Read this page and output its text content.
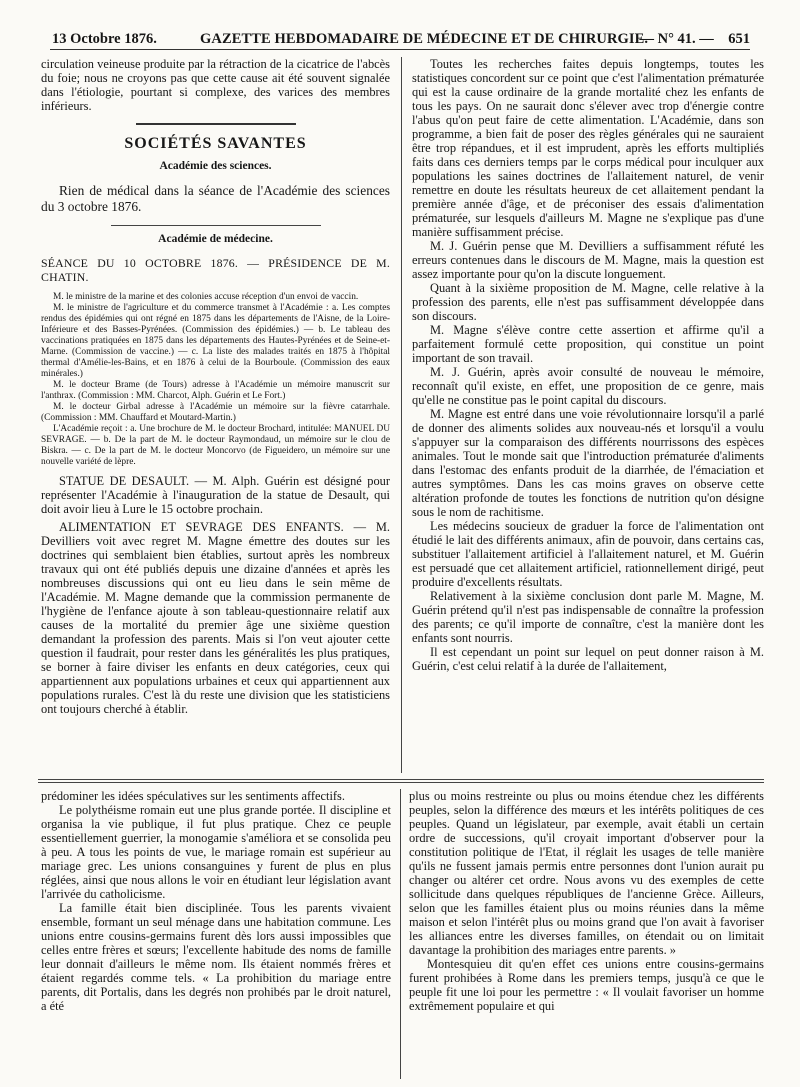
13 Octobre 1876.	GAZETTE HEBDOMADAIRE DE MÉDECINE ET DE CHIRURGIE.
— N° 41. — 651

circulation veineuse produite par la rétraction de la cicatrice de l'abcès du foie; nous ne croyons pas que cette cause ait été souvent signalée dans l'étiologie, pourtant si complexe, des varices des membres inférieurs.

SOCIÉTÉS SAVANTES
Académie des sciences.

Rien de médical dans la séance de l'Académie des sciences du 3 octobre 1876.

Académie de médecine.
SÉANCE DU 10 OCTOBRE 1876. — PRÉSIDENCE DE M. CHATIN.

M. le ministre de la marine et des colonies accuse réception d'un envoi de vaccin.

M. le ministre de l'agriculture et du commerce transmet à l'Académie : a. Les comptes rendus des épidémies qui ont régné en 1875 dans les départements de l'Aisne, de la Loire-Inférieure et des Basses-Pyrénées. (Commission des épidémies.) — b. Le tableau des vaccinations pratiquées en 1875 dans les départements des Hautes-Pyrénées et de Seine-et-Marne. (Commission de vaccine.) — c. La liste des malades traités en 1875 à l'hôpital thermal d'Amélie-les-Bains, et en 1876 à celui de la Bourboule. (Commission des eaux minérales.)

M. le docteur Brame (de Tours) adresse à l'Académie un mémoire manuscrit sur l'anthrax. (Commission : MM. Charcot, Alph. Guérin et Le Fort.)

M. le docteur Girbal adresse à l'Académie un mémoire sur la fièvre catarrhale. (Commission : MM. Chauffard et Moutard-Martin.)

L'Académie reçoit : a. Une brochure de M. le docteur Brochard, intitulée: MANUEL DU SEVRAGE. — b. De la part de M. le docteur Raymondaud, un mémoire sur le clou de Biskra. — c. De la part de M. le docteur Moncorvo (de Figueidero, un mémoire sur une nouvelle variété de lèpre.

STATUE DE DESAULT. — M. Alph. Guérin est désigné pour représenter l'Académie à l'inauguration de la statue de Desault, qui doit avoir lieu à Lure le 15 octobre prochain.

ALIMENTATION ET SEVRAGE DES ENFANTS. — M. Devilliers voit avec regret M. Magne émettre des doutes sur les doctrines qui semblaient bien établies, surtout après les nombreux travaux qui ont été publiés depuis une dizaine d'années et après les nombreuses discussions qui ont eu lieu dans le sein même de l'Académie. M. Magne demande que la commission permanente de l'hygiène de l'enfance ajoute à son tableau-questionnaire relatif aux causes de la mortalité du premier âge une sixième question demandant la profession des parents. Mais si l'on veut ajouter cette question il faudrait, pour rester dans les généralités les plus pratiques, se borner à faire diviser les enfants en deux catégories, ceux qui appartiennent aux populations urbaines et ceux qui appartiennent aux populations rurales. C'est là du reste une division que les statisticiens ont toujours cherché à établir.

Toutes les recherches faites depuis longtemps, toutes les statistiques concordent sur ce point que c'est l'alimentation prématurée qui est la cause ordinaire de la grande mortalité chez les enfants de tous les pays. On ne saurait donc s'élever avec trop d'énergie contre l'abus qu'on peut faire de cette alimentation. L'Académie, dans son programme, a bien fait de poser des règles générales qui ne sauraient être trop répandues, et il est imprudent, après les efforts multipliés faits dans ces derniers temps par le corps médical pour inculquer aux populations les saines doctrines de l'allaitement naturel, de venir remettre en doute les résultats heureux de cet allaitement pendant la première année d'âge, et de préconiser des essais d'alimentation prématurée, sur lesquels d'ailleurs M. Magne ne s'explique pas d'une manière suffisamment précise.

M. J. Guérin pense que M. Devilliers a suffisamment réfuté les erreurs contenues dans le discours de M. Magne, mais la question est assez importante pour qu'on la discute longuement.

Quant à la sixième proposition de M. Magne, celle relative à la profession des parents, elle n'est pas suffisamment développée dans son discours.

M. Magne s'élève contre cette assertion et affirme qu'il a parfaitement formulé cette proposition, qui constitue un point important de son travail.

M. J. Guérin, après avoir consulté de nouveau le mémoire, reconnaît qu'il existe, en effet, une proposition de ce genre, mais qu'elle ne constitue pas le point capital du discours.

M. Magne est entré dans une voie révolutionnaire lorsqu'il a parlé de donner des aliments solides aux nouveau-nés et lorsqu'il a voulu s'appuyer sur la comparaison des différents nourrissons des espèces animales. Tout le monde sait que l'introduction prématurée d'aliments dans l'estomac des enfants produit de la diarrhée, de l'émaciation et autres symptômes. Dans les cas moins graves on observe cette altération profonde de toutes les fonctions de nutrition qu'on désigne sous le nom de rachitisme.

Les médecins soucieux de graduer la force de l'alimentation ont étudié le lait des différents animaux, afin de pouvoir, dans certains cas, substituer l'allaitement artificiel à l'allaitement naturel, et M. Guérin est persuadé que cet allaitement artificiel, rationnellement dirigé, peut produire d'excellents résultats.

Relativement à la sixième conclusion dont parle M. Magne, M. Guérin prétend qu'il n'est pas indispensable de connaître la profession des parents; ce qu'il importe de connaître, c'est la manière dont les enfants sont nourris.

Il est cependant un point sur lequel on peut donner raison à M. Guérin, c'est celui relatif à la durée de l'allaitement,

prédominer les idées spéculatives sur les sentiments affectifs.

Le polythéisme romain eut une plus grande portée. Il discipline et organisa la vie publique, il fut plus pratique. Chez ce peuple essentiellement guerrier, la monogamie s'améliora et se consolida peu à peu. A tous les points de vue, le mariage romain est supérieur au mariage grec. Les unions consanguines y furent de plus en plus réglées, ainsi que nous allons le voir en étudiant leur législation avant l'arrivée du catholicisme.

La famille était bien disciplinée. Tous les parents vivaient ensemble, formant un seul ménage dans une habitation commune. Les unions entre cousins-germains furent dès lors aussi impossibles que celles entre frères et sœurs; l'excellente habitude des noms de famille leur donnait d'ailleurs le même nom. Ils étaient nommés frères et étaient regardés comme tels. « La prohibition du mariage entre parents, dit Portalis, dans les degrés non prohibés par le droit naturel, a été

plus ou moins restreinte ou plus ou moins étendue chez les différents peuples, selon la différence des mœurs et les intérêts politiques de ces peuples. Quand un législateur, par exemple, avait établi un certain ordre de successions, qu'il croyait important d'observer pour la constitution politique de l'Etat, il réglait les usages de telle manière qu'ils ne fussent jamais permis entre personnes dont l'union aurait pu changer ou altérer cet ordre. Nous avons vu des exemples de cette sollicitude dans quelques républiques de l'ancienne Grèce. Ailleurs, selon que les familles étaient plus ou moins réunies dans la même maison et selon l'intérêt plus ou moins grand que l'on avait à favoriser les alliances entre les diverses familles, on étendait ou on limitait davantage la prohibition des mariages entre parents. »

Montesquieu dit qu'en effet ces unions entre cousins-germains furent prohibées à Rome dans les premiers temps, jusqu'à ce que le peuple fit une loi pour les permettre : « Il voulait favoriser un homme extrêmement populaire et qui
